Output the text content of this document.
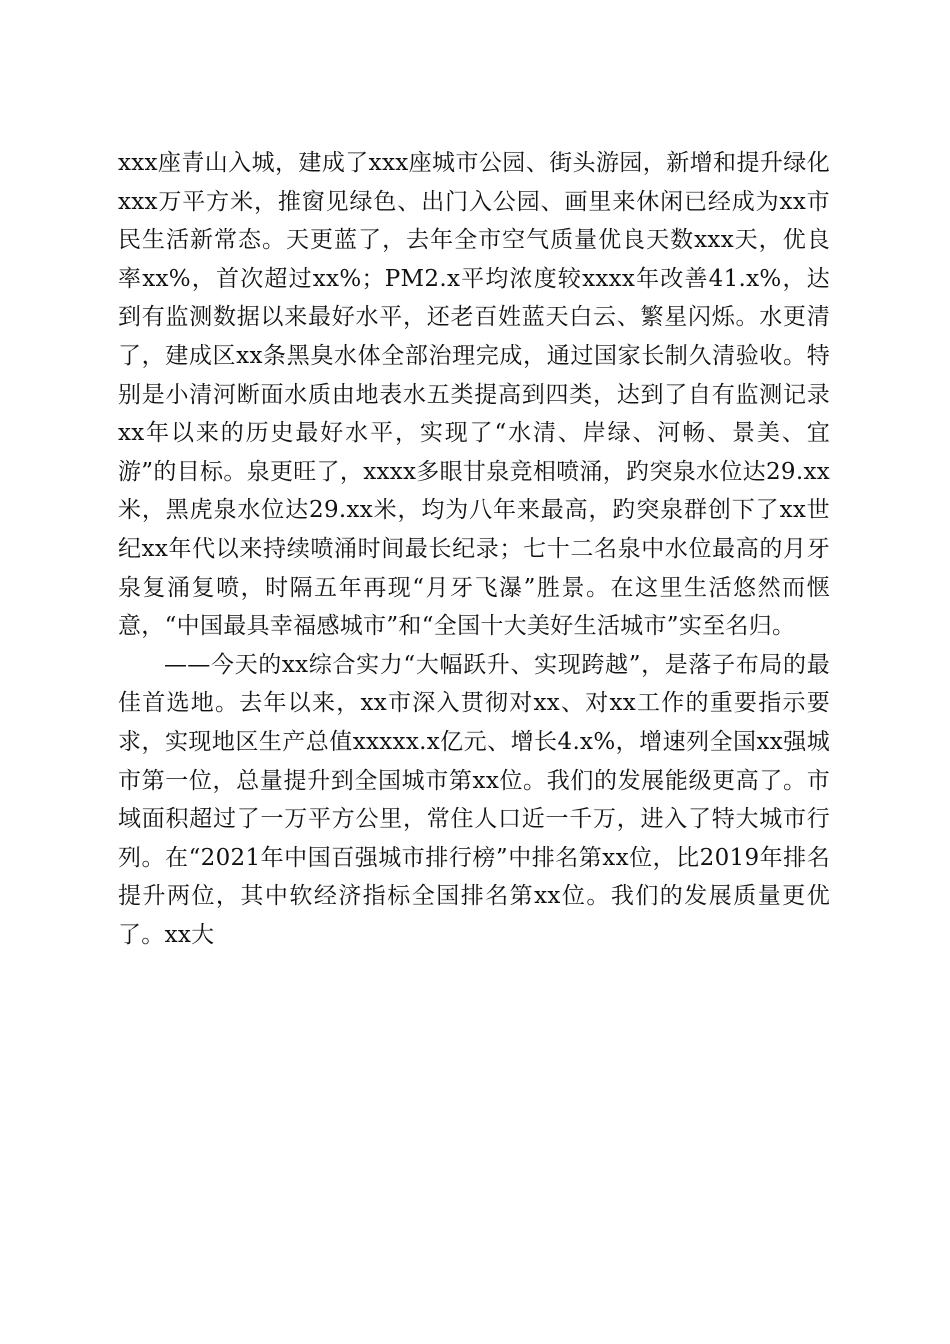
xxx座青山入城，建成了xxx座城市公园、街头游园，新增和提升绿化xxx万平方米，推窗见绿色、出门入公园、画里来休闲已经成为xx市民生活新常态。天更蓝了，去年全市空气质量优良天数xxx天，优良率xx%，首次超过xx%；PM2.x平均浓度较xxxx年改善41.x%，达到有监测数据以来最好水平，还老百姓蓝天白云、繁星闪烁。水更清了，建成区xx条黑臭水体全部治理完成，通过国家长制久清验收。特别是小清河断面水质由地表水五类提高到四类，达到了自有监测记录xx年以来的历史最好水平，实现了“水清、岸绿、河畅、景美、宜游”的目标。泉更旺了，xxxx多眼甘泉竞相喷涌，趵突泉水位达29.xx米，黑虎泉水位达29.xx米，均为八年来最高，趵突泉群创下了xx世纪xx年代以来持续喷涌时间最长纪录；七十二名泉中水位最高的月牙泉复涌复喷，时隔五年再现“月牙飞瀑”胜景。在这里生活悠然而惬意，“中国最具幸福感城市”和“全国十大美好生活城市”实至名归。

——今天的xx综合实力“大幅跃升、实现跨越”，是落子布局的最佳首选地。去年以来，xx市深入贯彻对xx、对xx工作的重要指示要求，实现地区生产总值xxxxx.x亿元、增长4.x%，增速列全国xx强城市第一位，总量提升到全国城市第xx位。我们的发展能级更高了。市域面积超过了一万平方公里，常住人口近一千万，进入了特大城市行列。在“2021年中国百强城市排行榜”中排名第xx位，比2019年排名提升两位，其中软经济指标全国排名第xx位。我们的发展质量更优了。xx大
